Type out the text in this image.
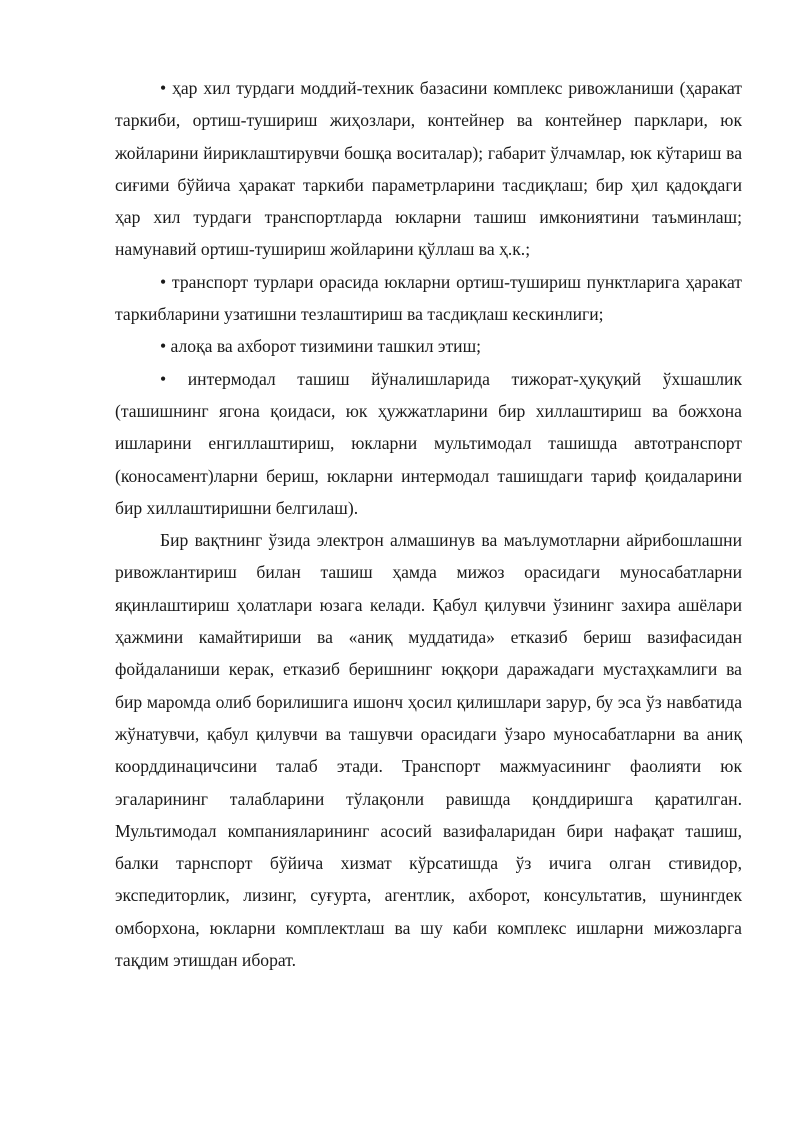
• ҳар хил турдаги моддий-техник базасини комплекс ривожланиши (ҳаракат таркиби, ортиш-тушириш жиҳозлари, контейнер ва контейнер парклари, юк жойларини йириклаштирувчи бошқа воситалар); габарит ўлчамлар, юк кўтариш ва сиғими бўйича ҳаракат таркиби параметрларини тасдиқлаш; бир ҳил қадоқдаги ҳар хил турдаги транспортларда юкларни ташиш имкониятини таъминлаш; намунавий ортиш-тушириш жойларини қўллаш ва ҳ.к.;

• транспорт турлари орасида юкларни ортиш-тушириш пунктларига ҳаракат таркибларини узатишни тезлаштириш ва тасдиқлаш кескинлиги;

• алоқа ва ахборот тизимини ташкил этиш;

• интермодал ташиш йўналишларида тижорат-ҳуқуқий ўхшашлик (ташишнинг ягона қоидаси, юк ҳужжатларини бир хиллаштириш ва божхона ишларини енгиллаштириш, юкларни мультимодал ташишда автотранспорт (коносамент)ларни бериш, юкларни интермодал ташишдаги тариф қоидаларини бир хиллаштиришни белгилаш).

Бир вақтнинг ўзида электрон алмашинув ва маълумотларни айрибошлашни ривожлантириш билан ташиш ҳамда мижоз орасидаги муносабатларни яқинлаштириш ҳолатлари юзага келади. Қабул қилувчи ўзининг захира ашёлари ҳажмини камайтириши ва «аниқ муддатида» етказиб бериш вазифасидан фойдаланиши керак, етказиб беришнинг юққори даражадаги мустаҳкамлиги ва бир маромда олиб борилишига ишонч ҳосил қилишлари зарур, бу эса ўз навбатида жўнатувчи, қабул қилувчи ва ташувчи орасидаги ўзаро муносабатларни ва аниқ коорддинацичсини талаб этади. Транспорт мажмуасининг фаолияти юк эгаларининг талабларини тўлақонли равишда қонддиришга қаратилган. Мультимодал компанияларининг асосий вазифаларидан бири нафақат ташиш, балки тарнспорт бўйича хизмат кўрсатишда ўз ичига олган стивидор, экспедиторлик, лизинг, суғурта, агентлик, ахборот, консультатив, шунингдек омборхона, юкларни комплектлаш ва шу каби комплекс ишларни мижозларга тақдим этишдан иборат.
